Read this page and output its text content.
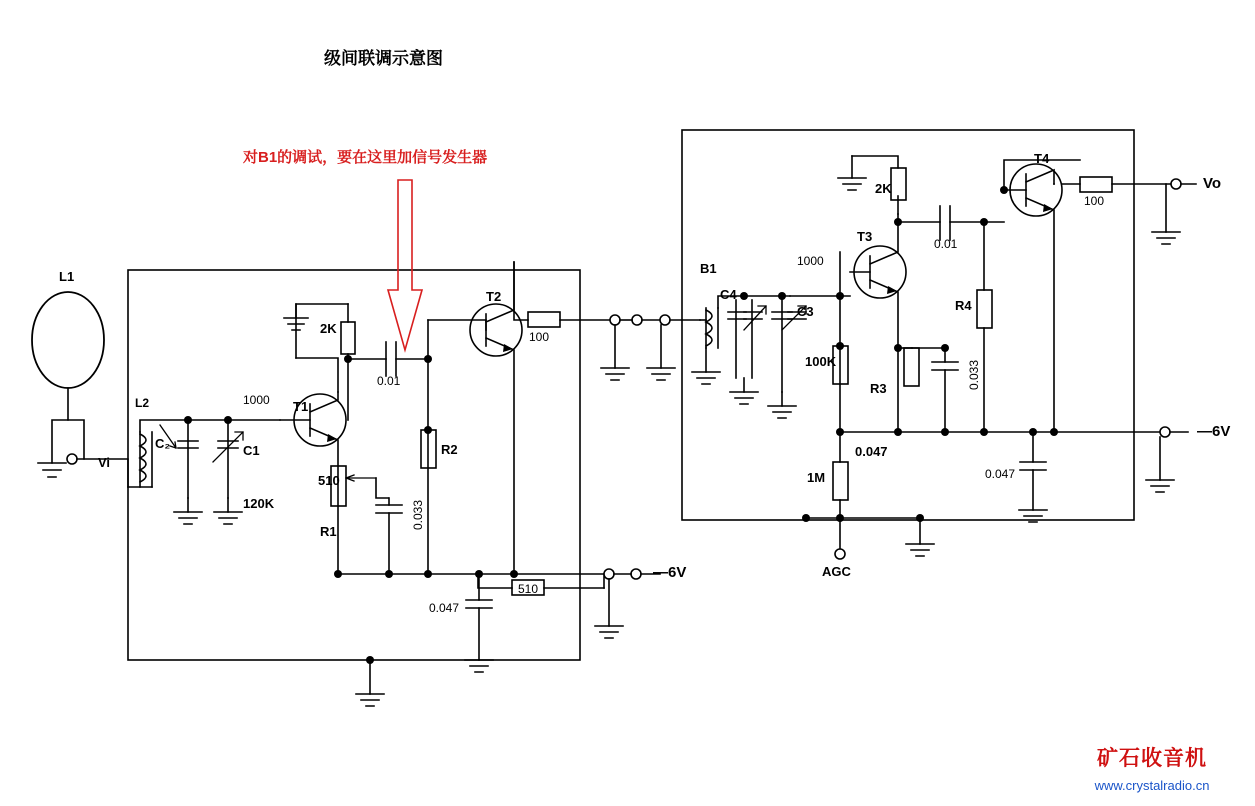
级间联调示意图
对B1的调试，要在这里加信号发生器
L1
L2
Vi
C₂	C1
1000
120K
2K
0.01
T1
510
R1
0.033
R2
T2
100
510
0.047
—6V
B1
C4
C3
1000
100K
T3
2K
0.01
R4
R3	0.033
T4
100
Vo
0.047
1M	0.047
AGC
—6V
矿石收音机
www.crystalradio.cn
